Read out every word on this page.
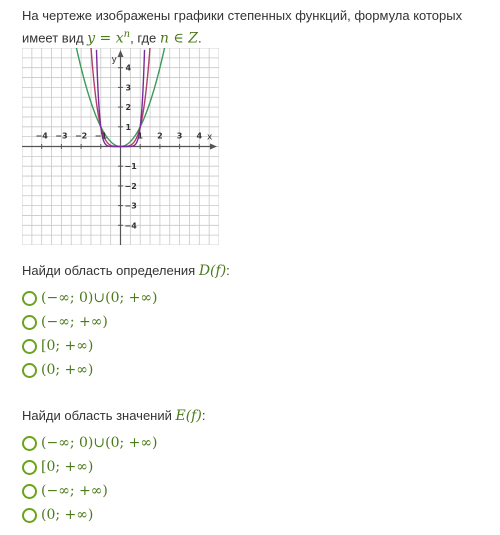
На чертеже изображены графики степенных функций, формула которых имеет вид $y = x^n$, где n ∈ Z.
−4 −3 −2 −1	1 2 3 4
4
3
2
1
−1
−2
−3
−4
x
y
Найди область определения D(f):
(−∞; 0)∪(0; +∞)
(−∞; +∞)
[0; +∞)
(0; +∞)
Найди область значений E(f):
(−∞; 0)∪(0; +∞)
[0; +∞)
(−∞; +∞)
(0; +∞)
